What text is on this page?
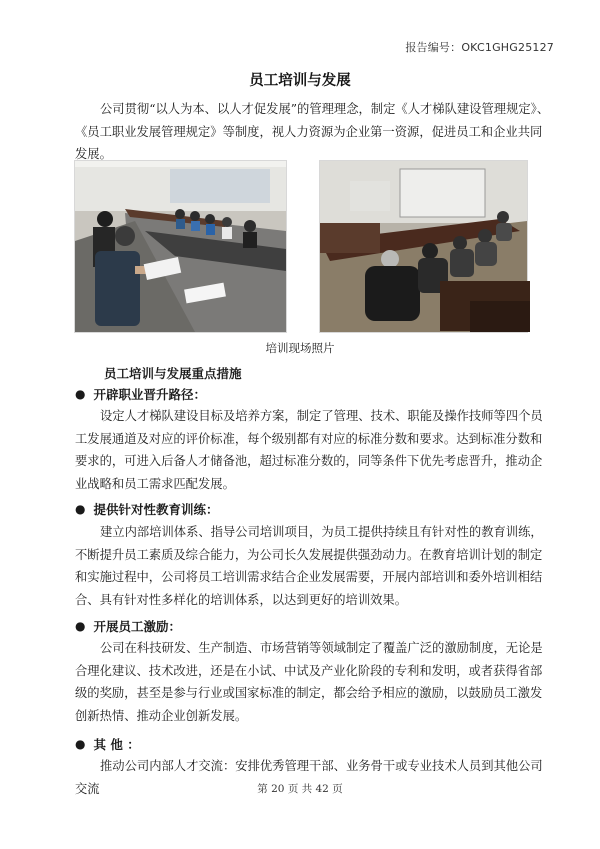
报告编号：OKC1GHG25127
员工培训与发展

公司贯彻“以人为本、以人才促发展”的管理理念，制定《人才梯队建设管理规定》、《员工职业发展管理规定》等制度，视人力资源为企业第一资源，促进员工和企业共同发展。

培训现场照片
员工培训与发展重点措施
● 开辟职业晋升路径：

设定人才梯队建设目标及培养方案，制定了管理、技术、职能及操作技师等四个员工发展通道及对应的评价标准，每个级别都有对应的标准分数和要求。达到标准分数和要求的，可进入后备人才储备池，超过标准分数的，同等条件下优先考虑晋升，推动企业战略和员工需求匹配发展。

● 提供针对性教育训练：

建立内部培训体系、指导公司培训项目，为员工提供持续且有针对性的教育训练，不断提升员工素质及综合能力，为公司长久发展提供强劲动力。在教育培训计划的制定和实施过程中，公司将员工培训需求结合企业发展需要，开展内部培训和委外培训相结合、具有针对性多样化的培训体系，以达到更好的培训效果。

● 开展员工激励：

公司在科技研发、生产制造、市场营销等领域制定了覆盖广泛的激励制度，无论是合理化建议、技术改进，还是在小试、中试及产业化阶段的专利和发明，或者获得省部级的奖励，甚至是参与行业或国家标准的制定，都会给予相应的激励，以鼓励员工激发创新热情、推动企业创新发展。

● 其 他 ：

推动公司内部人才交流：安排优秀管理干部、业务骨干或专业技术人员到其他公司交流	第 20 页 共 42 页
